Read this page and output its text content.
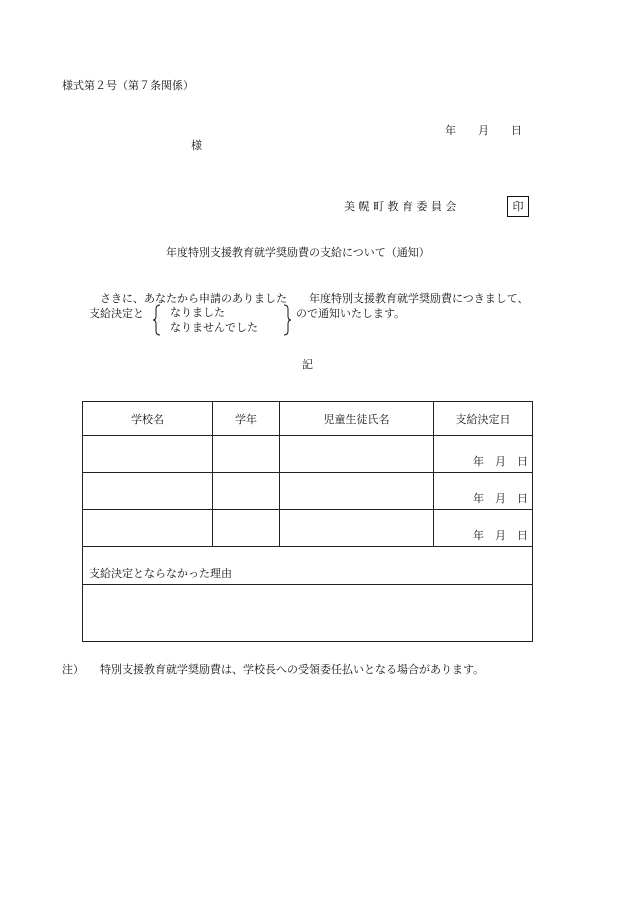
様式第２号（第７条関係）
年　　月　　日
様
美 幌 町 教 育 委 員 会	印
年度特別支援教育就学奨励費の支給について（通知）
さきに、あなたから申請のありました　　年度特別支援教育就学奨励費につきまして、
支給決定と なりました
なりませんでした
ので通知いたします。
記
学校名	学年	児童生徒氏名	支給決定日
			年　月　日
			年　月　日
			年　月　日
支給決定とならなかった理由			

注） 特別支援教育就学奨励費は、学校長への受領委任払いとなる場合があります。
